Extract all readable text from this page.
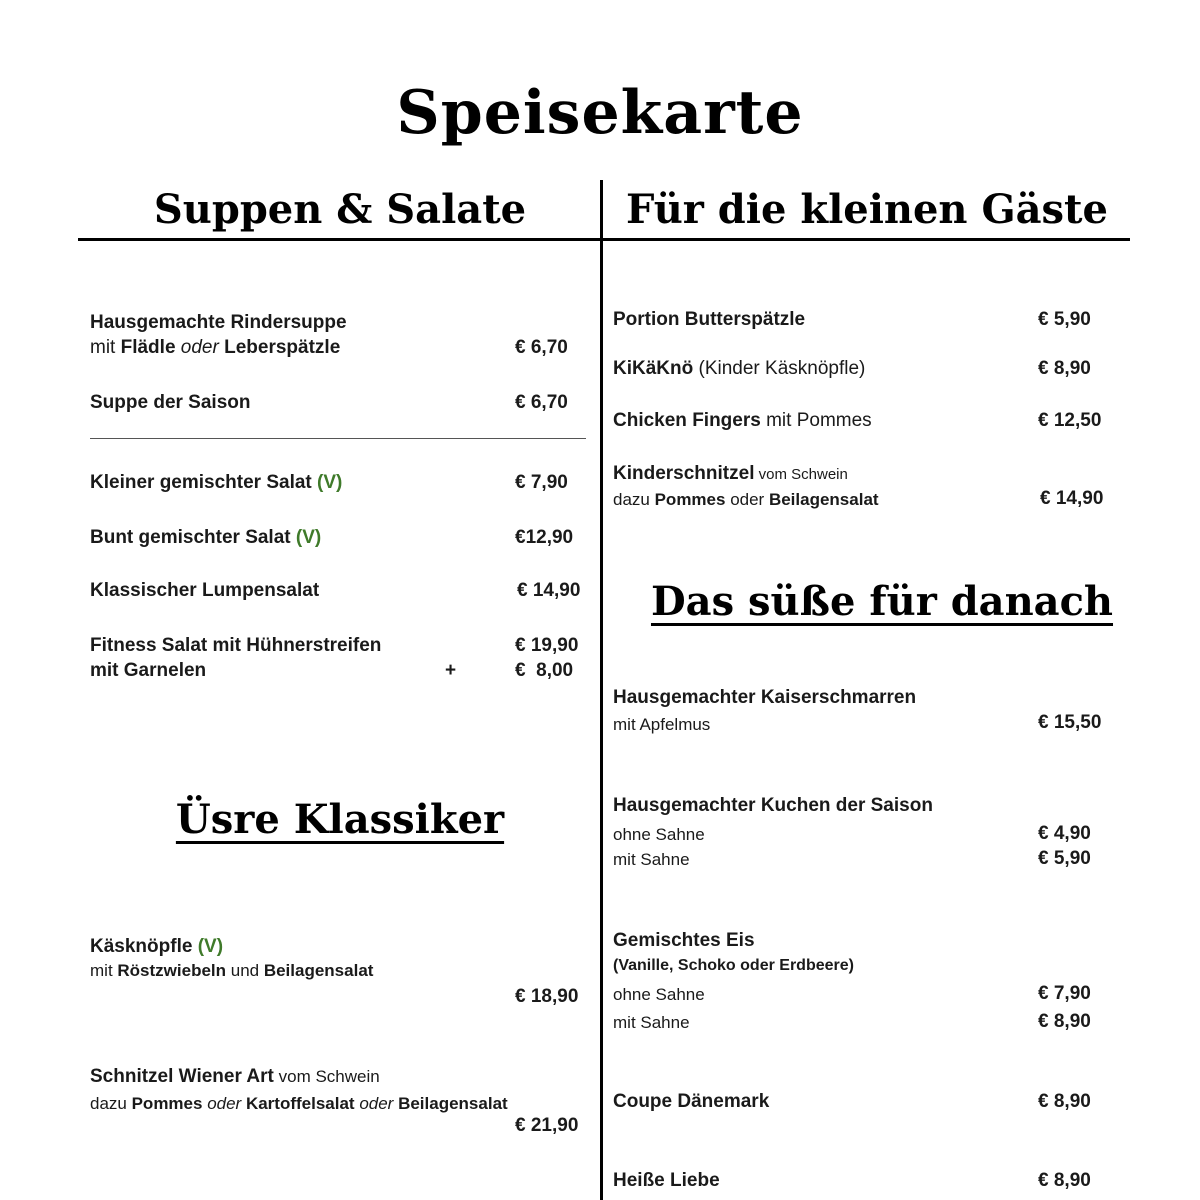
Speisekarte
Suppen & Salate	Für die kleinen Gäste
Hausgemachte Rindersuppe
mit Flädle oder Leberspätzle	€ 6,70
Suppe der Saison	€ 6,70
Kleiner gemischter Salat (V)	€ 7,90
Bunt gemischter Salat (V)	€12,90
Klassischer Lumpensalat	€ 14,90
Fitness Salat mit Hühnerstreifen	€ 19,90
mit Garnelen	+	€  8,00
Üsre Klassiker
Käsknöpfle (V)
mit Röstzwiebeln und Beilagensalat
€ 18,90
Schnitzel Wiener Art vom Schwein
dazu Pommes oder Kartoffelsalat oder Beilagensalat
€ 21,90
Portion Butterspätzle	€ 5,90
KiKäKnö (Kinder Käsknöpfle)	€ 8,90
Chicken Fingers mit Pommes	€ 12,50
Kinderschnitzel vom Schwein
dazu Pommes oder Beilagensalat	€ 14,90
Das süße für danach
Hausgemachter Kaiserschmarren
mit Apfelmus	€ 15,50
Hausgemachter Kuchen der Saison
ohne Sahne	€ 4,90
mit Sahne	€ 5,90
Gemischtes Eis
(Vanille, Schoko oder Erdbeere)
ohne Sahne	€ 7,90
mit Sahne	€ 8,90
Coupe Dänemark	€ 8,90
Heiße Liebe	€ 8,90
